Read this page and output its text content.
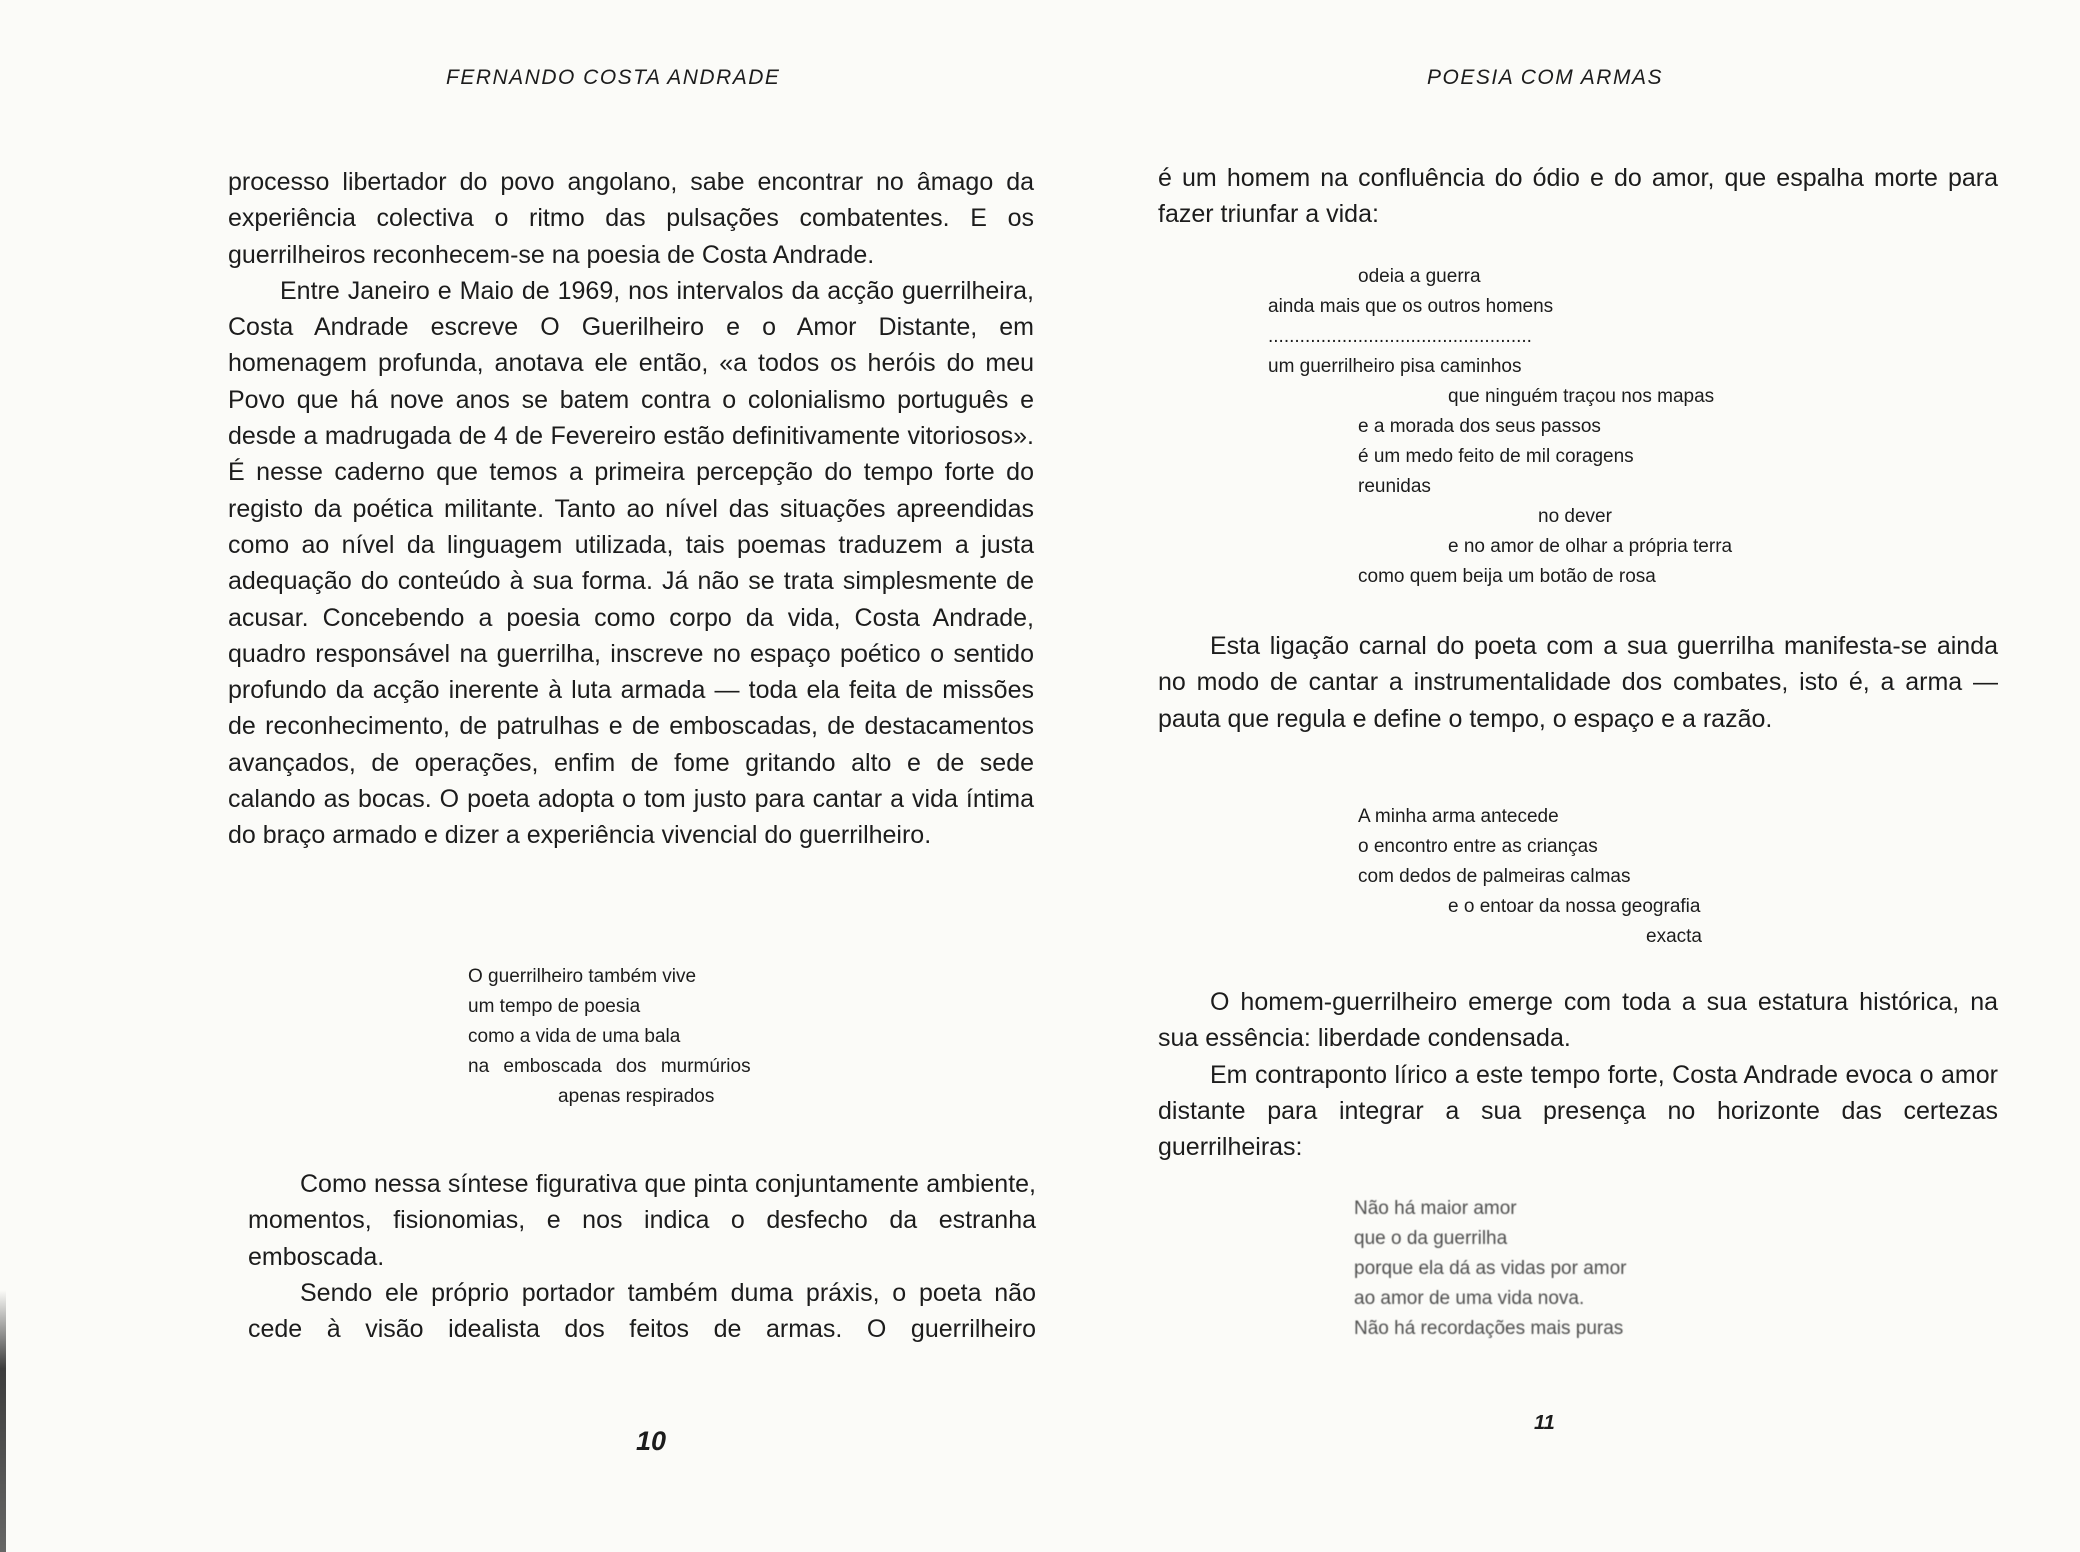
FERNANDO COSTA ANDRADE

processo libertador do povo angolano, sabe encontrar no âmago da experiência colectiva o ritmo das pulsações combatentes. E os guerrilheiros reconhecem-se na poesia de Costa Andrade.

Entre Janeiro e Maio de 1969, nos intervalos da acção guerrilheira, Costa Andrade escreve O Guerilheiro e o Amor Distante, em homenagem profunda, anotava ele então, «a todos os heróis do meu Povo que há nove anos se batem contra o colonialismo português e desde a madrugada de 4 de Fevereiro estão definitivamente vitoriosos». É nesse caderno que temos a primeira percepção do tempo forte do registo da poética militante. Tanto ao nível das situações apreendidas como ao nível da linguagem utilizada, tais poemas traduzem a justa adequação do conteúdo à sua forma. Já não se trata simplesmente de acusar. Concebendo a poesia como corpo da vida, Costa Andrade, quadro responsável na guerrilha, inscreve no espaço poético o sentido profundo da acção inerente à luta armada — toda ela feita de missões de reconhecimento, de patrulhas e de emboscadas, de destacamentos avançados, de operações, enfim de fome gritando alto e de sede calando as bocas. O poeta adopta o tom justo para cantar a vida íntima do braço armado e dizer a experiência vivencial do guerrilheiro.

O guerrilheiro também vive
um tempo de poesia
como a vida de uma bala
na emboscada dos murmúrios
apenas respirados

Como nessa síntese figurativa que pinta conjuntamente ambiente, momentos, fisionomias, e nos indica o desfecho da estranha emboscada.

Sendo ele próprio portador também duma práxis, o poeta não cede à visão idealista dos feitos de armas. O guerrilheiro

10
POESIA COM ARMAS

é um homem na confluência do ódio e do amor, que espalha morte para fazer triunfar a vida:

odeia a guerra
ainda mais que os outros homens
..................................................
um guerrilheiro pisa caminhos
que ninguém traçou nos mapas
e a morada dos seus passos
é um medo feito de mil coragens
reunidas
no dever
e no amor de olhar a própria terra
como quem beija um botão de rosa

Esta ligação carnal do poeta com a sua guerrilha manifesta-se ainda no modo de cantar a instrumentalidade dos combates, isto é, a arma — pauta que regula e define o tempo, o espaço e a razão.

A minha arma antecede
o encontro entre as crianças
com dedos de palmeiras calmas
e o entoar da nossa geografia
exacta

O homem-guerrilheiro emerge com toda a sua estatura histórica, na sua essência: liberdade condensada.

Em contraponto lírico a este tempo forte, Costa Andrade evoca o amor distante para integrar a sua presença no horizonte das certezas guerrilheiras:

Não há maior amor
que o da guerrilha
porque ela dá as vidas por amor
ao amor de uma vida nova.
Não há recordações mais puras
11
